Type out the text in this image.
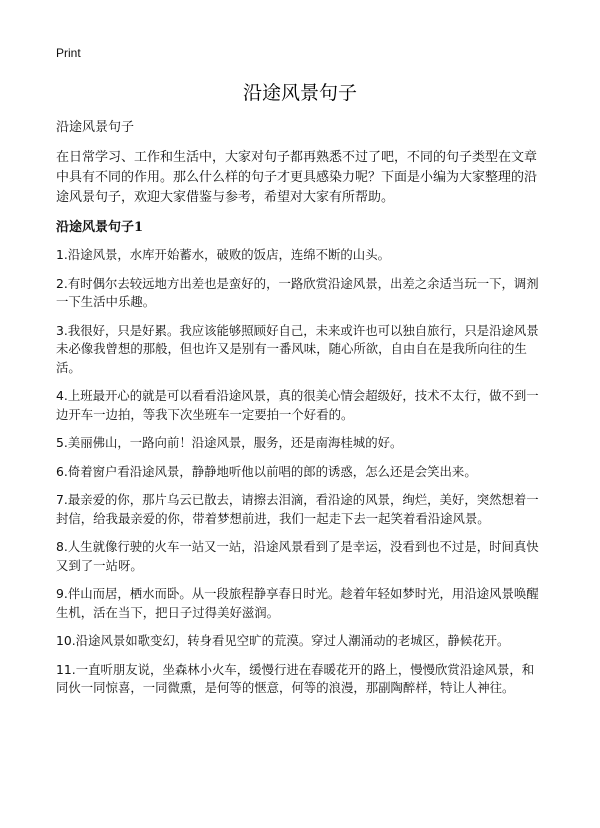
Print
沿途风景句子

沿途风景句子

在日常学习、工作和生活中，大家对句子都再熟悉不过了吧，不同的句子类型在文章中具有不同的作用。那么什么样的句子才更具感染力呢？下面是小编为大家整理的沿途风景句子，欢迎大家借鉴与参考，希望对大家有所帮助。

沿途风景句子1

1.沿途风景，水库开始蓄水，破败的饭店，连绵不断的山头。

2.有时偶尔去较远地方出差也是蛮好的，一路欣赏沿途风景，出差之余适当玩一下，调剂一下生活中乐趣。

3.我很好，只是好累。我应该能够照顾好自己，未来或许也可以独自旅行，只是沿途风景未必像我曾想的那般，但也许又是别有一番风味，随心所欲，自由自在是我所向往的生活。

4.上班最开心的就是可以看看沿途风景，真的很美心情会超级好，技术不太行，做不到一边开车一边拍，等我下次坐班车一定要拍一个好看的。

5.美丽佛山，一路向前！沿途风景，服务，还是南海桂城的好。

6.倚着窗户看沿途风景，静静地听他以前唱的郎的诱惑，怎么还是会笑出来。

7.最亲爱的你，那片乌云已散去，请擦去泪滴，看沿途的风景，绚烂，美好，突然想着一封信，给我最亲爱的你，带着梦想前进，我们一起走下去一起笑着看沿途风景。

8.人生就像行驶的火车一站又一站，沿途风景看到了是幸运，没看到也不过是，时间真快又到了一站呀。

9.伴山而居，栖水而卧。从一段旅程静享春日时光。趁着年轻如梦时光，用沿途风景唤醒生机，活在当下，把日子过得美好滋润。

10.沿途风景如歌变幻，转身看见空旷的荒漠。穿过人潮涌动的老城区，静候花开。

11.一直听朋友说，坐森林小火车，缓慢行进在春暖花开的路上，慢慢欣赏沿途风景，和同伙一同惊喜，一同微熏，是何等的惬意，何等的浪漫，那副陶醉样，特让人神往。
